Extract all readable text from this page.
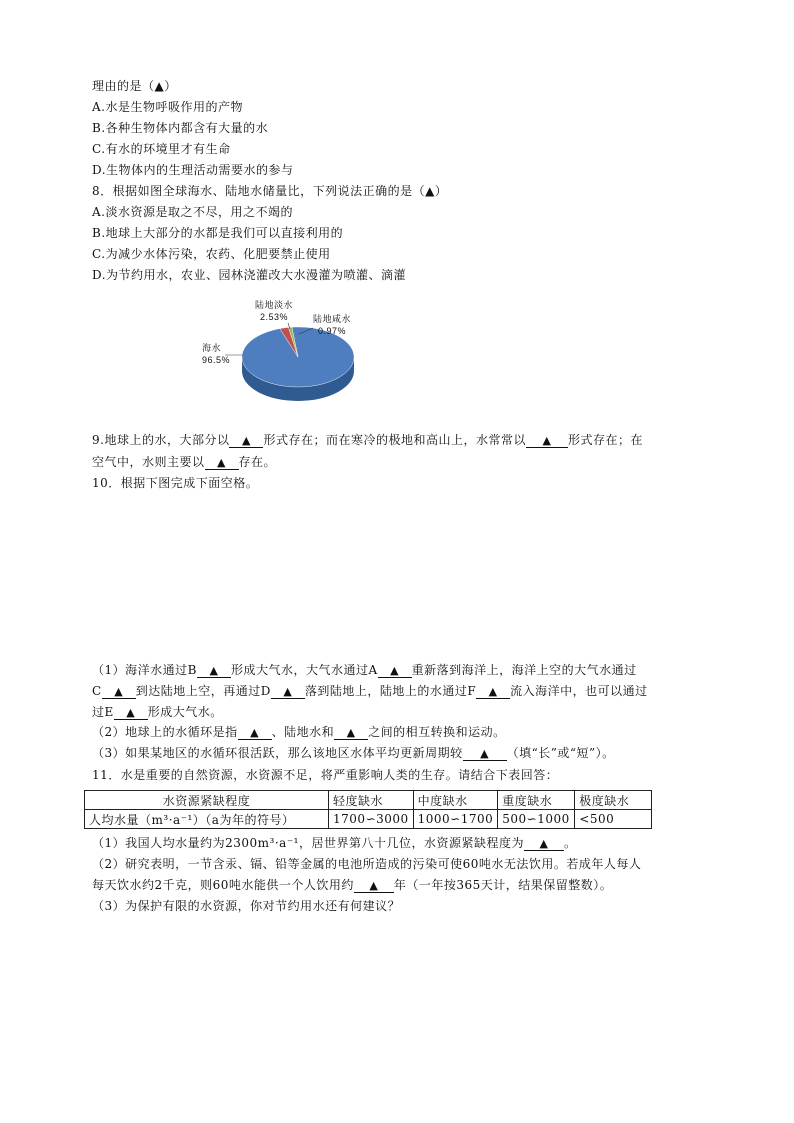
理由的是（▲）
A.水是生物呼吸作用的产物
B.各种生物体内都含有大量的水
C.有水的环境里才有生命
D.生物体内的生理活动需要水的参与
8．根据如图全球海水、陆地水储量比，下列说法正确的是（▲）
A.淡水资源是取之不尽，用之不竭的
B.地球上大部分的水都是我们可以直接利用的
C.为减少水体污染，农药、化肥要禁止使用
D.为节约用水，农业、园林浇灌改大水漫灌为喷灌、滴灌
海水
96.5%
陆地淡水
2.53%	陆地咸水
0.97%
9.地球上的水，大部分以 ▲ 形式存在；而在寒冷的极地和高山上，水常常以 ▲ 形式存在；在
空气中，水则主要以 ▲ 存在。
10．根据下图完成下面空格。
（1）海洋水通过B ▲ 形成大气水，大气水通过A ▲ 重新落到海洋上，海洋上空的大气水通过
C ▲ 到达陆地上空，再通过D ▲ 落到陆地上，陆地上的水通过F ▲ 流入海洋中，也可以通过
过E ▲ 形成大气水。
（2）地球上的水循环是指 ▲ 、陆地水和 ▲ 之间的相互转换和运动。
（3）如果某地区的水循环很活跃，那么该地区水体平均更新周期较 ▲ （填“长”或“短”）。
11．水是重要的自然资源，水资源不足，将严重影响人类的生存。请结合下表回答：
水资源紧缺程度	轻度缺水	中度缺水	重度缺水	极度缺水
人均水量（m³·a⁻¹）（a为年的符号）	1700∽3000	1000∽1700	500∽1000	<500
（1）我国人均水量约为2300m³·a⁻¹，居世界第八十几位，水资源紧缺程度为 ▲ 。
（2）研究表明，一节含汞、镉、铅等金属的电池所造成的污染可使60吨水无法饮用。若成年人每人
每天饮水约2千克，则60吨水能供一个人饮用约 ▲ 年（一年按365天计，结果保留整数）。
（3）为保护有限的水资源，你对节约用水还有何建议？
